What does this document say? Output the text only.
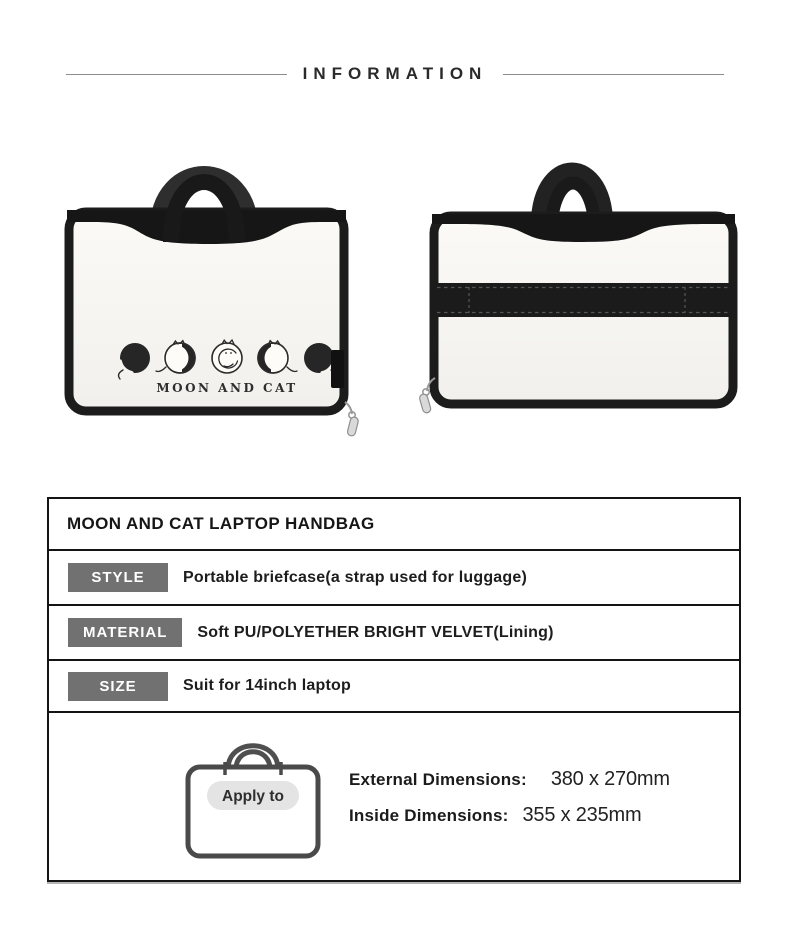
INFORMATION
MOON AND CAT
MOON AND CAT LAPTOP HANDBAG
STYLE	Portable briefcase(a strap used for luggage)
MATERIAL	Soft PU/POLYETHER BRIGHT VELVET(Lining)
SIZE	Suit for 14inch laptop
Apply to
External Dimensions: 380 x 270mm
Inside Dimensions: 355 x 235mm
